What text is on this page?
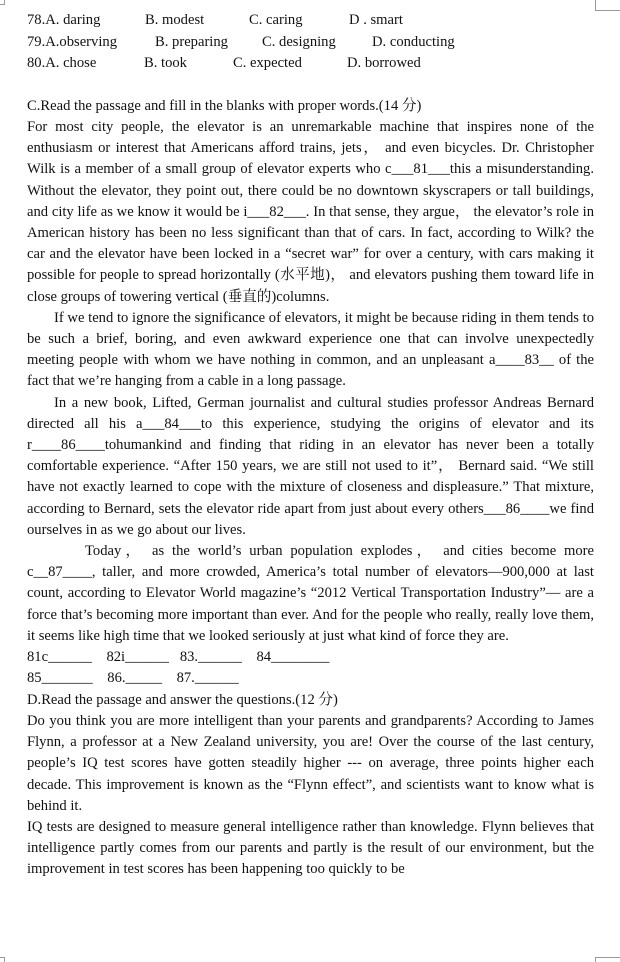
78.A. daring	B. modest	C. caring	D . smart
79.A.observing	B. preparing	C. designing	D. conducting
80.A. chose	B. took	C. expected	D. borrowed
C.Read the passage and fill in the blanks with proper words.(14 分)

For most city people, the elevator is an unremarkable machine that inspires none of the enthusiasm or interest that Americans afford trains, jets， and even bicycles. Dr. Christopher Wilk is a member of a small group of elevator experts who c___81___this a misunderstanding. Without the elevator, they point out, there could be no downtown skyscrapers or tall buildings, and city life as we know it would be i___82___. In that sense, they argue， the elevator’s role in American history has been no less significant than that of cars. In fact, according to Wilk? the car and the elevator have been locked in a “secret war” for over a century, with cars making it possible for people to spread horizontally (水平地)， and elevators pushing them toward life in close groups of towering vertical (垂直的)columns.

If we tend to ignore the significance of elevators, it might be because riding in them tends to be such a brief, boring, and even awkward experience one that can involve unexpectedly meeting people with whom we have nothing in common, and an unpleasant a____83__ of the fact that we’re hanging from a cable in a long passage.

In a new book, Lifted, German journalist and cultural studies professor Andreas Bernard directed all his a___84___to this experience, studying the origins of elevator and its r____86____tohumankind and finding that riding in an elevator has never been a totally comfortable experience. “After 150 years, we are still not used to it”， Bernard said. “We still have not exactly learned to cope with the mixture of closeness and displeasure.” That mixture, according to Bernard, sets the elevator ride apart from just about every others___86____we find ourselves in as we go about our lives.

Today， as the world’s urban population explodes， and cities become more c__87____, taller, and more crowded, America’s total number of elevators—900,000 at last count, according to Elevator World magazine’s “2012 Vertical Transportation Industry”— are a force that’s becoming more important than ever. And for the people who really, really love them, it seems like high time that we looked seriously at just what kind of force they are.

81c______    82i______   83.______    84________
85_______    86._____    87.______
D.Read the passage and answer the questions.(12 分)

Do you think you are more intelligent than your parents and grandparents? According to James Flynn, a professor at a New Zealand university, you are! Over the course of the last century, people’s IQ test scores have gotten steadily higher --- on average, three points higher each decade. This improvement is known as the “Flynn effect”, and scientists want to know what is behind it.

IQ tests are designed to measure general intelligence rather than knowledge. Flynn believes that intelligence partly comes from our parents and partly is the result of our environment, but the improvement in test scores has been happening too quickly to be
